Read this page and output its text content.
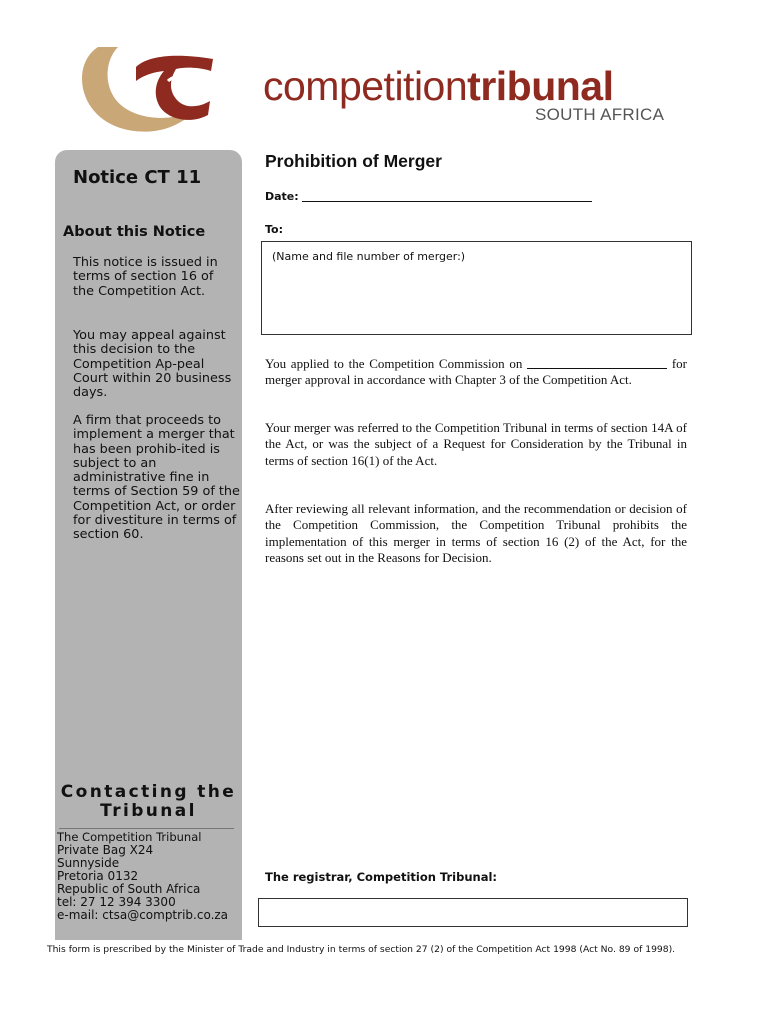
competitiontribunal
SOUTH AFRICA
Notice CT 11
About this Notice
This notice is issued in terms of section 16 of the Competition Act.
You may appeal against this decision to the Competition Ap-peal Court within 20 business days.
A firm that proceeds to implement a merger that has been prohib-ited is subject to an administrative fine in terms of Section 59 of the Competition Act, or order for divestiture in terms of section 60.
Contacting the Tribunal
The Competition Tribunal
Private Bag X24
Sunnyside
Pretoria 0132
Republic of South Africa
tel: 27 12 394 3300
e-mail: ctsa@comptrib.co.za
Prohibition of Merger
Date:
To:
(Name and file number of merger:)
You applied to the Competition Commission on	for merger approval in accordance with Chapter 3 of the Competition Act.
Your merger was referred to the Competition Tribunal in terms of section 14A of the Act, or was the subject of a Request for Consideration by the Tribunal in terms of section 16(1) of the Act.
After reviewing all relevant information, and the recommendation or decision of the Competition Commission, the Competition Tribunal prohibits the implementation of this merger in terms of section 16 (2) of the Act, for the reasons set out in the Reasons for Decision.
The registrar, Competition Tribunal:
This form is prescribed by the Minister of Trade and Industry in terms of section 27 (2) of the Competition Act 1998 (Act No. 89 of 1998).
